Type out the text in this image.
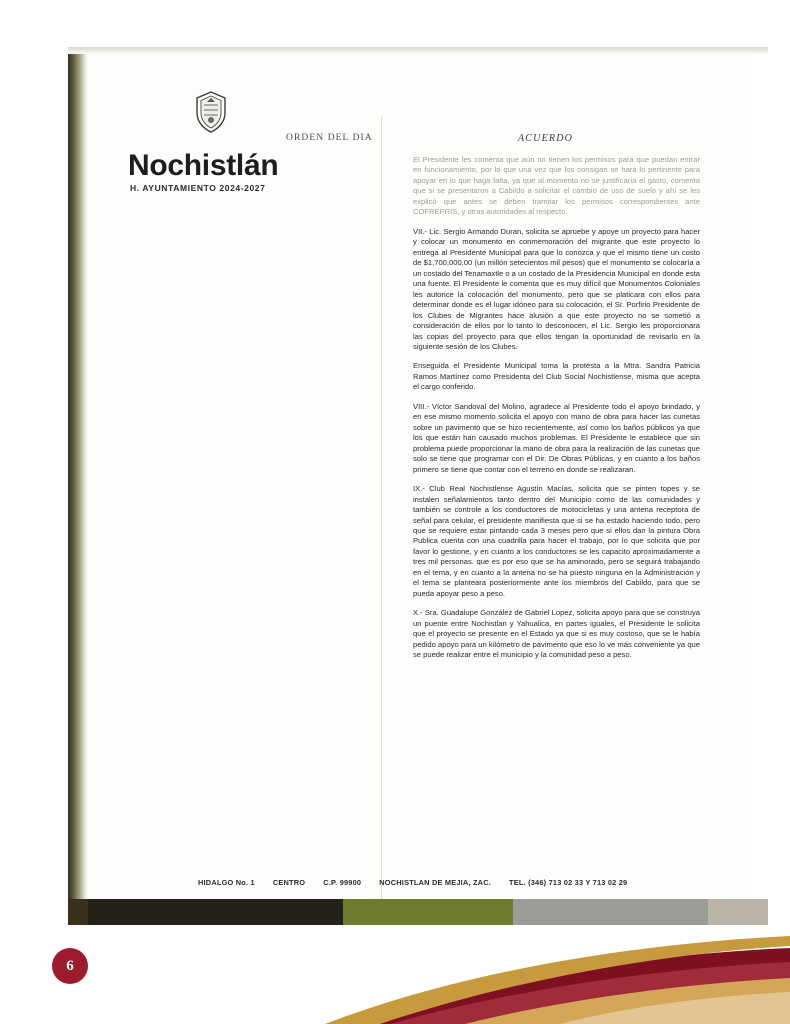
ORDEN DEL DIA
Nochistlán
H. AYUNTAMIENTO 2024-2027
ACUERDO

El Presidente les comenta que aún no tienen los permisos para que puedan entrar en funcionamiento, por lo que una vez que los consigan se hará lo pertinente para apoyar en lo que haga falta, ya que al momento no se justificaría el gasto, comenta que si se presentaron a Cabildo a solicitar el cambio de uso de suelo y ahí se les explicó que antes se deben tramitar los permisos correspondientes ante COFREPRIS, y otras autoridades al respecto.

VII.- Lic. Sergio Armando Duran, solicita se apruebe y apoye un proyecto para hacer y colocar un monumento en conmemoración del migrante que este proyecto lo entrega al Presidente Municipal para que lo conozca y que el mismo tiene un costo de $1,700,000.00 (un millón setecientos mil pesos) que el monumento se colocaría a un costado del Tenamaxtle o a un costado de la Presidencia Municipal en donde esta una fuente. El Presidente le comenta que es muy difícil que Monumentos Coloniales les autorice la colocación del monumento, pero que se platicara con ellos para determinar donde es el lugar idóneo para su colocación, el Sr. Porfirio Presidente de los Clubes de Migrantes hace alusión a que este proyecto no se sometió a consideración de ellos por lo tanto lo desconocen, el Lic. Sergio les proporcionara las copias del proyecto para que ellos tengan la oportunidad de revisarlo en la siguiente sesión de los Clubes.

Enseguida el Presidente Municipal toma la protesta a la Mtra. Sandra Patricia Ramos Martínez como Presidenta del Club Social Nochistlense, misma que acepta el cargo conferido.

VIII.- Víctor Sandoval del Molino, agradece al Presidente todo el apoyo brindado, y en ese mismo momento solicita el apoyo con mano de obra para hacer las cunetas sobre un pavimento que se hizo recientemente, así como los baños públicos ya que los que están han causado muchos problemas. El Presidente le establece que sin problema puede proporcionar la mano de obra para la realización de las cunetas que solo se tiene que programar con el Dir. De Obras Públicas, y en cuanto a los baños primero se tiene que contar con el terreno en donde se realizaran.

IX.- Club Real Nochistlense Agustín Macías, solicita que se pinten topes y se instalen señalamientos tanto dentro del Municipio como de las comunidades y también se controle a los conductores de motocicletas y una antena receptora de señal para celular, el presidente manifiesta que si se ha estado haciendo todo, pero que se requiere estar pintando cada 3 meses pero que si ellos dan la pintura Obra Publica cuenta con una cuadrilla para hacer el trabajo, por lo que solicita que por favor lo gestione, y en cuanto a los conductores se les capacito aproximadamente a tres mil personas. que es por eso que se ha aminorado, pero se seguirá trabajando en el tema, y en cuanto a la antena no se ha puesto ninguna en la Administración y el tema se planteara posteriormente ante los miembros del Cabildo, para que se pueda apoyar peso a peso.

X.- Sra. Guadalupe González de Gabriel Lopez, solicita apoyo para que se construya un puente entre Nochistlan y Yahualica, en partes iguales, el Presidente le solicita que el proyecto se presente en el Estado ya que si es muy costoso, que se le había pedido apoyo para un kilómetro de pavimento que eso lo ve más conveniente ya que se puede realizar entre el municipio y la comunidad peso a peso.

HIDALGO No. 1 CENTRO C.P. 99900 NOCHISTLAN DE MEJIA, ZAC. TEL. (346) 713 02 33 Y 713 02 29
6
